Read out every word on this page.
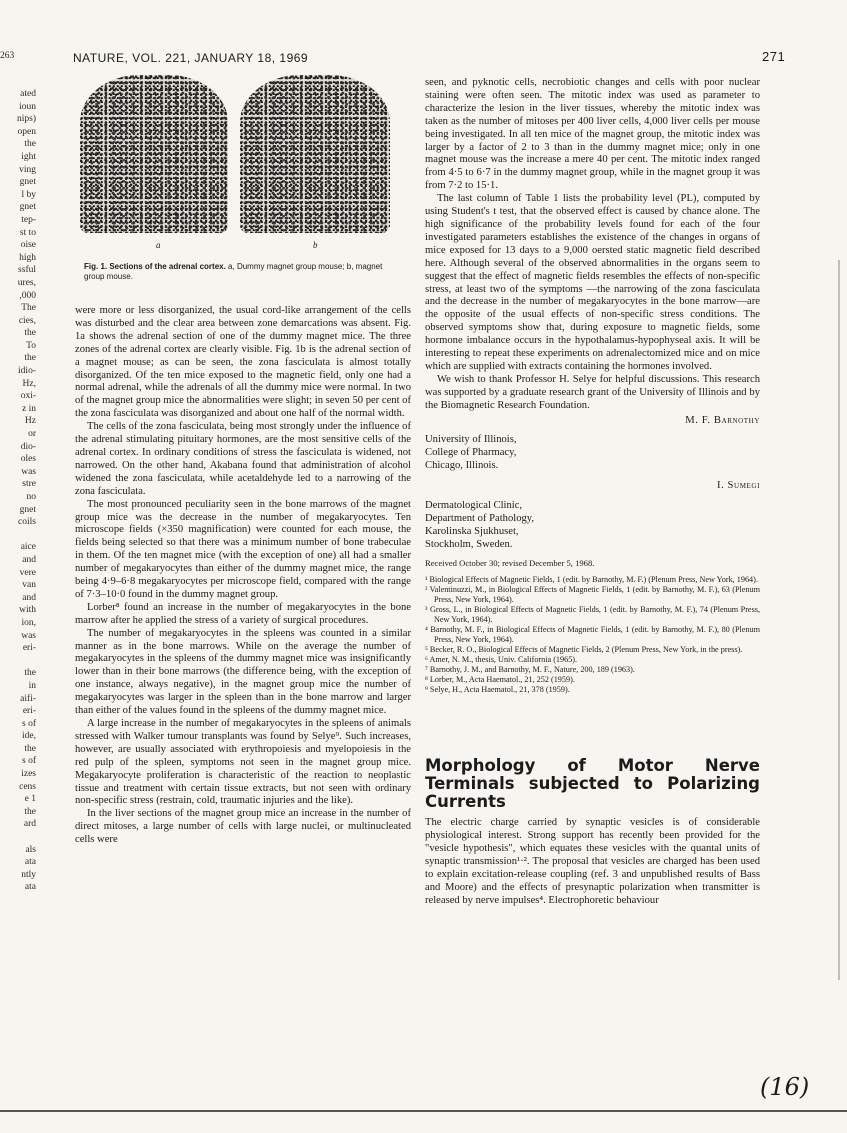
263	NATURE, VOL. 221, JANUARY 18, 1969	271
ated
ioun
nips)
open
the
ight
ving
gnet
l by
gnet
tep-
st to
oise
high
ssful
ures,
,000
The
cies,
the
To
the
idio-
Hz,
oxi-
z in
Hz
or
dio-
oles
was
stre
no
gnet
coils

aice
and
vere
van
and
with
ion,
was
eri-

the
in
aifi-
eri-
s of
ide,
the
s of
izes
cens
e 1
the
ard

als
ata
ntly
ata
a	b
Fig. 1. Sections of the adrenal cortex. a, Dummy magnet group mouse; b, magnet group mouse.

were more or less disorganized, the usual cord-like arrangement of the cells was disturbed and the clear area between zone demarcations was absent. Fig. 1a shows the adrenal section of one of the dummy magnet mice. The three zones of the adrenal cortex are clearly visible. Fig. 1b is the adrenal section of a magnet mouse; as can be seen, the zona fasciculata is almost totally disorganized. Of the ten mice exposed to the magnetic field, only one had a normal adrenal, while the adrenals of all the dummy mice were normal. In two of the magnet group mice the abnormalities were slight; in seven 50 per cent of the zona fasciculata was disorganized and about one half of the normal width.

The cells of the zona fasciculata, being most strongly under the influence of the adrenal stimulating pituitary hormones, are the most sensitive cells of the adrenal cortex. In ordinary conditions of stress the fasciculata is widened, not narrowed. On the other hand, Akabana found that administration of alcohol widened the zona fasciculata, while acetaldehyde led to a narrowing of the zona fasciculata.

The most pronounced peculiarity seen in the bone marrows of the magnet group mice was the decrease in the number of megakaryocytes. Ten microscope fields (×350 magnification) were counted for each mouse, the fields being selected so that there was a minimum number of bone trabeculae in them. Of the ten magnet mice (with the exception of one) all had a smaller number of megakaryocytes than either of the dummy magnet mice, the range being 4·9–6·8 megakaryocytes per microscope field, compared with the range of 7·3–10·0 found in the dummy magnet group.

Lorber⁸ found an increase in the number of megakaryocytes in the bone marrow after he applied the stress of a variety of surgical procedures.

The number of megakaryocytes in the spleens was counted in a similar manner as in the bone marrows. While on the average the number of megakaryocytes in the spleens of the dummy magnet mice was insignificantly lower than in their bone marrows (the difference being, with the exception of one instance, always negative), in the magnet group mice the number of megakaryocytes was larger in the spleen than in the bone marrow and larger than either of the values found in the spleens of the dummy magnet mice.

A large increase in the number of megakaryocytes in the spleens of animals stressed with Walker tumour transplants was found by Selye⁹. Such increases, however, are usually associated with erythropoiesis and myelopoiesis in the red pulp of the spleen, symptoms not seen in the magnet group mice. Megakaryocyte proliferation is characteristic of the reaction to neoplastic tissue and treatment with certain tissue extracts, but not seen with ordinary non-specific stress (restrain, cold, traumatic injuries and the like).

In the liver sections of the magnet group mice an increase in the number of direct mitoses, a large number of cells with large nuclei, or multinucleated cells were

seen, and pyknotic cells, necrobiotic changes and cells with poor nuclear staining were often seen. The mitotic index was used as parameter to characterize the lesion in the liver tissues, whereby the mitotic index was taken as the number of mitoses per 400 liver cells, 4,000 liver cells per mouse being investigated. In all ten mice of the magnet group, the mitotic index was larger by a factor of 2 to 3 than in the dummy magnet mice; only in one magnet mouse was the increase a mere 40 per cent. The mitotic index ranged from 4·5 to 6·7 in the dummy magnet group, while in the magnet group it was from 7·2 to 15·1.

The last column of Table 1 lists the probability level (PL), computed by using Student's t test, that the observed effect is caused by chance alone. The high significance of the probability levels found for each of the four investigated parameters establishes the existence of the changes in organs of mice exposed for 13 days to a 9,000 oersted static magnetic field described here. Although several of the observed abnormalities in the organs seem to suggest that the effect of magnetic fields resembles the effects of non-specific stress, at least two of the symptoms —the narrowing of the zona fasciculata and the decrease in the number of megakaryocytes in the bone marrow—are the opposite of the usual effects of non-specific stress conditions. The observed symptoms show that, during exposure to magnetic fields, some hormone imbalance occurs in the hypothalamus-hypophyseal axis. It will be interesting to repeat these experiments on adrenalectomized mice and on mice which are supplied with extracts containing the hormones involved.

We wish to thank Professor H. Selye for helpful discussions. This research was supported by a graduate research grant of the University of Illinois and by the Biomagnetic Research Foundation.

M. F. Barnothy
University of Illinois,
College of Pharmacy,
Chicago, Illinois.
I. Sumegi
Dermatological Clinic,
Department of Pathology,
Karolinska Sjukhuset,
Stockholm, Sweden.
Received October 30; revised December 5, 1968.
¹ Biological Effects of Magnetic Fields, 1 (edit. by Barnothy, M. F.) (Plenum Press, New York, 1964).
² Valentinuzzi, M., in Biological Effects of Magnetic Fields, 1 (edit. by Barnothy, M. F.), 63 (Plenum Press, New York, 1964).
³ Gross, L., in Biological Effects of Magnetic Fields, 1 (edit. by Barnothy, M. F.), 74 (Plenum Press, New York, 1964).
⁴ Barnothy, M. F., in Biological Effects of Magnetic Fields, 1 (edit. by Barnothy, M. F.), 80 (Plenum Press, New York, 1964).
⁵ Becker, R. O., Biological Effects of Magnetic Fields, 2 (Plenum Press, New York, in the press).
⁶ Amer, N. M., thesis, Univ. California (1965).
⁷ Barnothy, J. M., and Barnothy, M. F., Nature, 200, 189 (1963).
⁸ Lorber, M., Acta Haematol., 21, 252 (1959).
⁹ Selye, H., Acta Haematol., 21, 378 (1959).
Morphology of Motor Nerve Terminals subjected to Polarizing Currents

The electric charge carried by synaptic vesicles is of considerable physiological interest. Strong support has recently been provided for the "vesicle hypothesis", which equates these vesicles with the quantal units of synaptic transmission¹·². The proposal that vesicles are charged has been used to explain excitation-release coupling (ref. 3 and unpublished results of Bass and Moore) and the effects of presynaptic polarization when transmitter is released by nerve impulses⁴. Electrophoretic behaviour

(16)
